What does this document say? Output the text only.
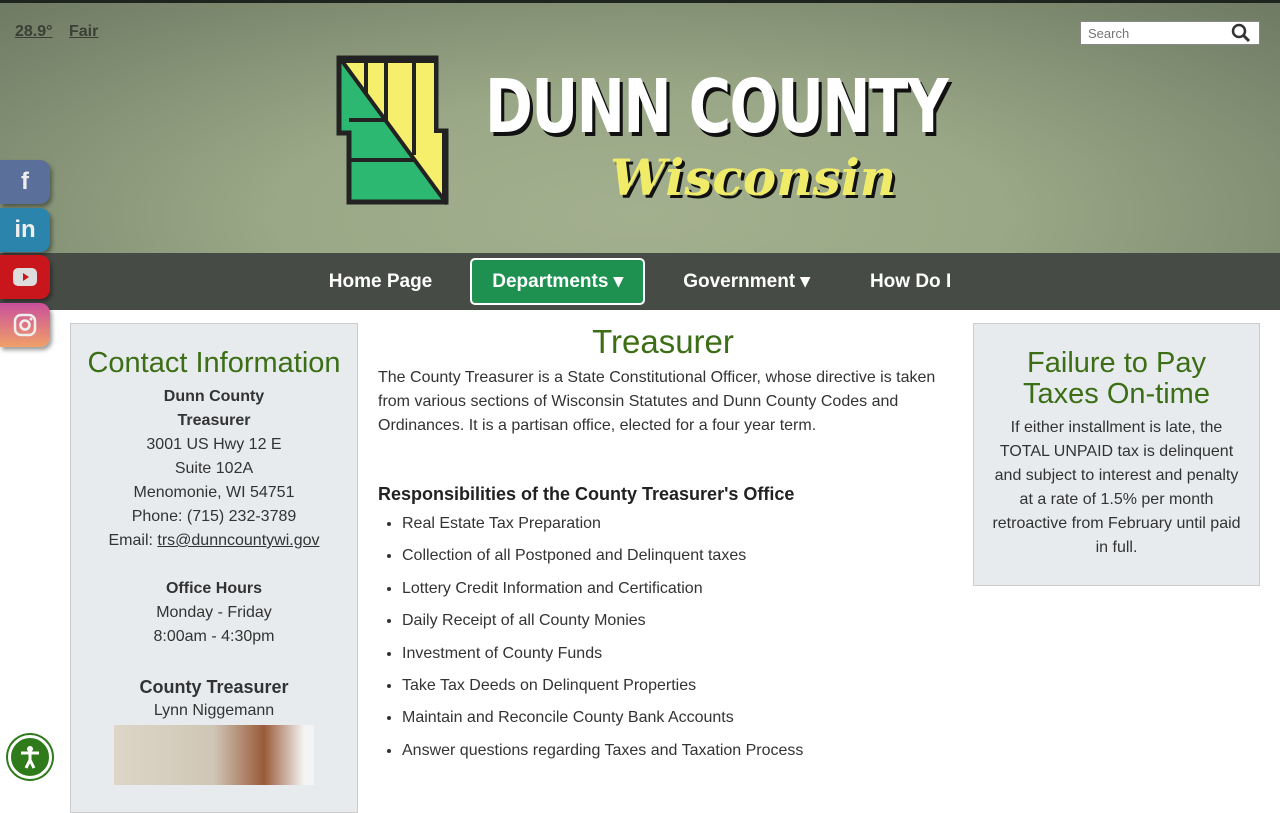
28.9° Fair
Search
DUNN COUNTY
Wisconsin
Home Page	Departments ▾	Government ▾	How Do I
f
in
Contact Information
Dunn County
Treasurer
3001 US Hwy 12 E
Suite 102A
Menomonie, WI 54751
Phone: (715) 232-3789
Email: trs@dunncountywi.gov
Office Hours
Monday - Friday
8:00am - 4:30pm
County Treasurer
Lynn Niggemann
Treasurer

The County Treasurer is a State Constitutional Officer, whose directive is taken from various sections of Wisconsin Statutes and Dunn County Codes and Ordinances. It is a partisan office, elected for a four year term.

Responsibilities of the County Treasurer's Office
• Real Estate Tax Preparation
• Collection of all Postponed and Delinquent taxes
• Lottery Credit Information and Certification
• Daily Receipt of all County Monies
• Investment of County Funds
• Take Tax Deeds on Delinquent Properties
• Maintain and Reconcile County Bank Accounts
• Answer questions regarding Taxes and Taxation Process
Failure to Pay Taxes On-time

If either installment is late, the TOTAL UNPAID tax is delinquent and subject to interest and penalty at a rate of 1.5% per month retroactive from February until paid in full.
